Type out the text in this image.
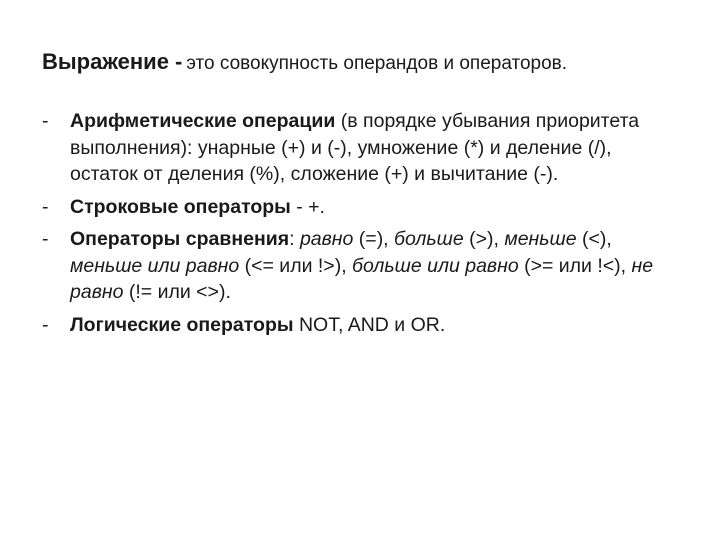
Выражение - это совокупность операндов и операторов.
-	Арифметические операции (в порядке убывания приоритета выполнения): унарные (+) и (-), умножение (*) и деление (/), остаток от деления (%), сложение (+) и вычитание (-).
-	Строковые операторы - +.
-	Операторы сравнения: равно (=), больше (>), меньше (<), меньше или равно (<= или !>), больше или равно (>= или !<), не равно (!= или <>).
-	Логические операторы NOT, AND и OR.
